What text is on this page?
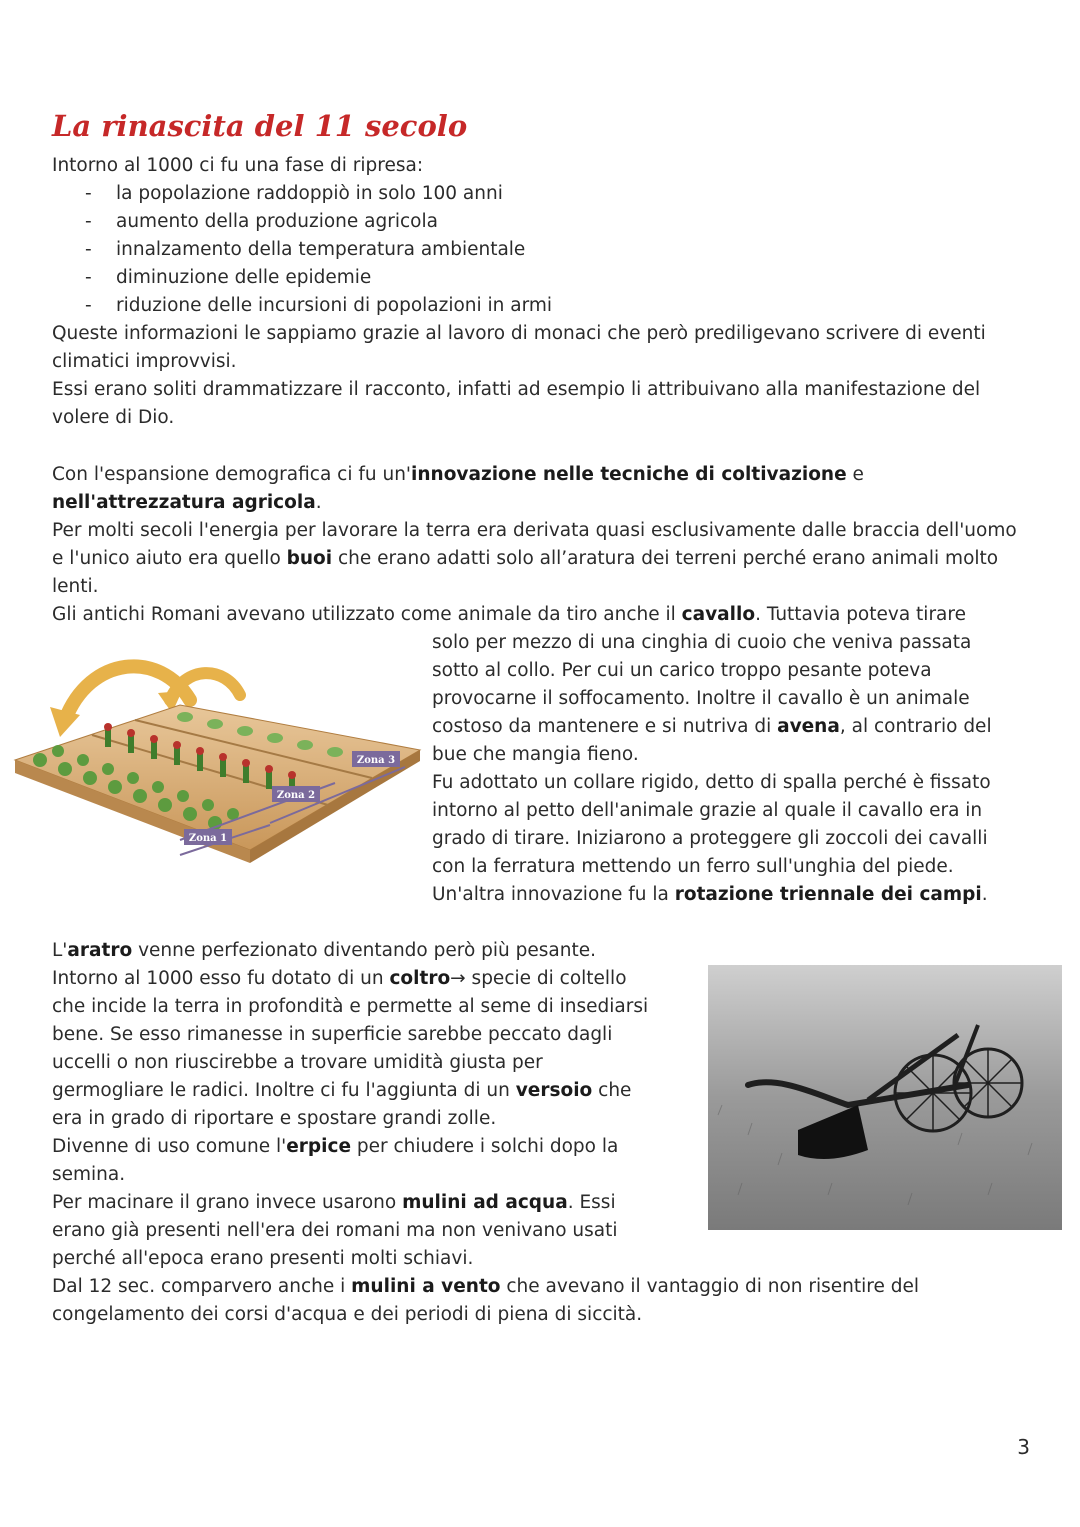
La rinascita del 11 secolo

Intorno al 1000 ci fu una fase di ripresa:

- la popolazione raddoppiò in solo 100 anni
- aumento della produzione agricola
- innalzamento della temperatura ambientale
- diminuzione delle epidemie
- riduzione delle incursioni di popolazioni in armi

Queste informazioni le sappiamo grazie al lavoro di monaci che però prediligevano scrivere di eventi climatici improvvisi.

Essi erano soliti drammatizzare il racconto, infatti ad esempio li attribuivano alla manifestazione del volere di Dio.

Con l'espansione demografica ci fu un'innovazione nelle tecniche di coltivazione e nell'attrezzatura agricola.

Per molti secoli l'energia per lavorare la terra era derivata quasi esclusivamente dalle braccia dell'uomo e l'unico aiuto era quello buoi che erano adatti solo all’aratura dei terreni perché erano animali molto lenti.

Gli antichi Romani avevano utilizzato come animale da tiro anche il cavallo. Tuttavia poteva tirare

solo per mezzo di una cinghia di cuoio che veniva passata

sotto al collo. Per cui un carico troppo pesante poteva

provocarne il soffocamento. Inoltre il cavallo è un animale

costoso da mantenere e si nutriva di avena, al contrario del

bue che mangia fieno.

Fu adottato un collare rigido, detto di spalla perché è fissato

intorno al petto dell'animale grazie al quale il cavallo era in

grado di tirare. Iniziarono a proteggere gli zoccoli dei cavalli

con la ferratura mettendo un ferro sull'unghia del piede.

Un'altra innovazione fu la rotazione triennale dei campi.

Zona 3
Zona 2
Zona 1

L'aratro venne perfezionato diventando però più pesante.

Intorno al 1000 esso fu dotato di un coltro→ specie di coltello

che incide la terra in profondità e permette al seme di insediarsi

bene. Se esso rimanesse in superficie sarebbe peccato dagli

uccelli o non riuscirebbe a trovare umidità giusta per

germogliare le radici. Inoltre ci fu l'aggiunta di un versoio che

era in grado di riportare e spostare grandi zolle.

Divenne di uso comune l'erpice per chiudere i solchi dopo la

semina.

Per macinare il grano invece usarono mulini ad acqua. Essi

erano già presenti nell'era dei romani ma non venivano usati

perché all'epoca erano presenti molti schiavi.

Dal 12 sec. comparvero anche i mulini a vento che avevano il vantaggio di non risentire del congelamento dei corsi d'acqua e dei periodi di piena di siccità.
3
